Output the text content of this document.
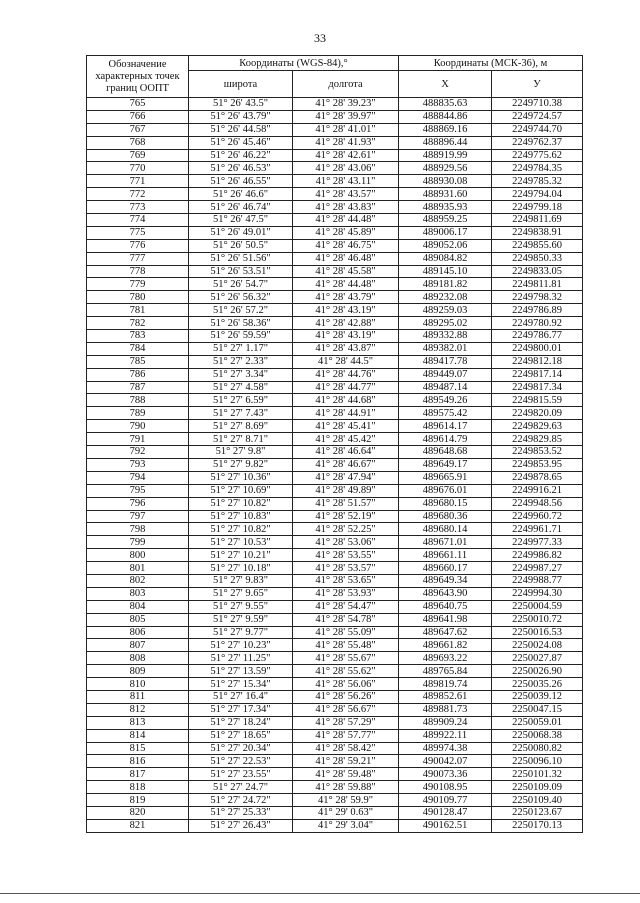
33
Обозначение характерных точек границ ООПТ	Координаты (WGS-84),°		Координаты (МСК-36), м	
	широта	долгота	X	У
765	51° 26' 43.5"	41° 28' 39.23"	488835.63	2249710.38
766	51° 26' 43.79"	41° 28' 39.97"	488844.86	2249724.57
767	51° 26' 44.58"	41° 28' 41.01"	488869.16	2249744.70
768	51° 26' 45.46"	41° 28' 41.93"	488896.44	2249762.37
769	51° 26' 46.22"	41° 28' 42.61"	488919.99	2249775.62
770	51° 26' 46.53"	41° 28' 43.06"	488929.56	2249784.35
771	51° 26' 46.55"	41° 28' 43.11"	488930.08	2249785.32
772	51° 26' 46.6"	41° 28' 43.57"	488931.60	2249794.04
773	51° 26' 46.74"	41° 28' 43.83"	488935.93	2249799.18
774	51° 26' 47.5"	41° 28' 44.48"	488959.25	2249811.69
775	51° 26' 49.01"	41° 28' 45.89"	489006.17	2249838.91
776	51° 26' 50.5"	41° 28' 46.75"	489052.06	2249855.60
777	51° 26' 51.56"	41° 28' 46.48"	489084.82	2249850.33
778	51° 26' 53.51"	41° 28' 45.58"	489145.10	2249833.05
779	51° 26' 54.7"	41° 28' 44.48"	489181.82	2249811.81
780	51° 26' 56.32"	41° 28' 43.79"	489232.08	2249798.32
781	51° 26' 57.2"	41° 28' 43.19"	489259.03	2249786.89
782	51° 26' 58.36"	41° 28' 42.88"	489295.02	2249780.92
783	51° 26' 59.59"	41° 28' 43.19"	489332.88	2249786.77
784	51° 27' 1.17"	41° 28' 43.87"	489382.01	2249800.01
785	51° 27' 2.33"	41° 28' 44.5"	489417.78	2249812.18
786	51° 27' 3.34"	41° 28' 44.76"	489449.07	2249817.14
787	51° 27' 4.58"	41° 28' 44.77"	489487.14	2249817.34
788	51° 27' 6.59"	41° 28' 44.68"	489549.26	2249815.59
789	51° 27' 7.43"	41° 28' 44.91"	489575.42	2249820.09
790	51° 27' 8.69"	41° 28' 45.41"	489614.17	2249829.63
791	51° 27' 8.71"	41° 28' 45.42"	489614.79	2249829.85
792	51° 27' 9.8"	41° 28' 46.64"	489648.68	2249853.52
793	51° 27' 9.82"	41° 28' 46.67"	489649.17	2249853.95
794	51° 27' 10.36"	41° 28' 47.94"	489665.91	2249878.65
795	51° 27' 10.69"	41° 28' 49.89"	489676.01	2249916.21
796	51° 27' 10.82"	41° 28' 51.57"	489680.15	2249948.56
797	51° 27' 10.83"	41° 28' 52.19"	489680.36	2249960.72
798	51° 27' 10.82"	41° 28' 52.25"	489680.14	2249961.71
799	51° 27' 10.53"	41° 28' 53.06"	489671.01	2249977.33
800	51° 27' 10.21"	41° 28' 53.55"	489661.11	2249986.82
801	51° 27' 10.18"	41° 28' 53.57"	489660.17	2249987.27
802	51° 27' 9.83"	41° 28' 53.65"	489649.34	2249988.77
803	51° 27' 9.65"	41° 28' 53.93"	489643.90	2249994.30
804	51° 27' 9.55"	41° 28' 54.47"	489640.75	2250004.59
805	51° 27' 9.59"	41° 28' 54.78"	489641.98	2250010.72
806	51° 27' 9.77"	41° 28' 55.09"	489647.62	2250016.53
807	51° 27' 10.23"	41° 28' 55.48"	489661.82	2250024.08
808	51° 27' 11.25"	41° 28' 55.67"	489693.22	2250027.87
809	51° 27' 13.59"	41° 28' 55.62"	489765.84	2250026.90
810	51° 27' 15.34"	41° 28' 56.06"	489819.74	2250035.26
811	51° 27' 16.4"	41° 28' 56.26"	489852.61	2250039.12
812	51° 27' 17.34"	41° 28' 56.67"	489881.73	2250047.15
813	51° 27' 18.24"	41° 28' 57.29"	489909.24	2250059.01
814	51° 27' 18.65"	41° 28' 57.77"	489922.11	2250068.38
815	51° 27' 20.34"	41° 28' 58.42"	489974.38	2250080.82
816	51° 27' 22.53"	41° 28' 59.21"	490042.07	2250096.10
817	51° 27' 23.55"	41° 28' 59.48"	490073.36	2250101.32
818	51° 27' 24.7"	41° 28' 59.88"	490108.95	2250109.09
819	51° 27' 24.72"	41° 28' 59.9"	490109.77	2250109.40
820	51° 27' 25.33"	41° 29' 0.63"	490128.47	2250123.67
821	51° 27' 26.43"	41° 29' 3.04"	490162.51	2250170.13
